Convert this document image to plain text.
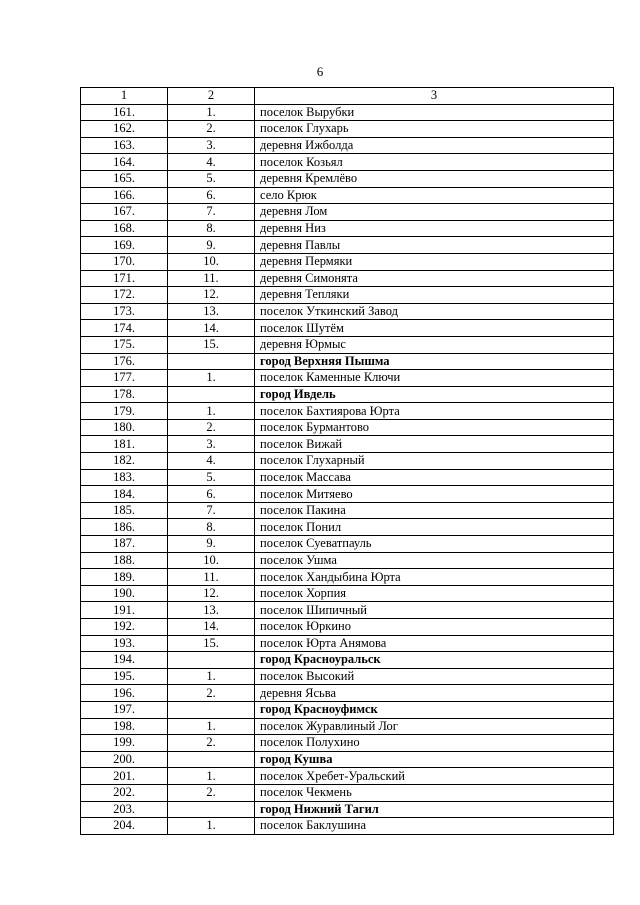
6
1	2	3
161.	1.	поселок Вырубки
162.	2.	поселок Глухарь
163.	3.	деревня Ижболда
164.	4.	поселок Козьял
165.	5.	деревня Кремлёво
166.	6.	село Крюк
167.	7.	деревня Лом
168.	8.	деревня Низ
169.	9.	деревня Павлы
170.	10.	деревня Пермяки
171.	11.	деревня Симонята
172.	12.	деревня Тепляки
173.	13.	поселок Уткинский Завод
174.	14.	поселок Шутём
175.	15.	деревня Юрмыс
176.		город Верхняя Пышма
177.	1.	поселок Каменные Ключи
178.		город Ивдель
179.	1.	поселок Бахтиярова Юрта
180.	2.	поселок Бурмантово
181.	3.	поселок Вижай
182.	4.	поселок Глухарный
183.	5.	поселок Массава
184.	6.	поселок Митяево
185.	7.	поселок Пакина
186.	8.	поселок Понил
187.	9.	поселок Суеватпауль
188.	10.	поселок Ушма
189.	11.	поселок Хандыбина Юрта
190.	12.	поселок Хорпия
191.	13.	поселок Шипичный
192.	14.	поселок Юркино
193.	15.	поселок Юрта Анямова
194.		город Красноуральск
195.	1.	поселок Высокий
196.	2.	деревня Ясьва
197.		город Красноуфимск
198.	1.	поселок Журавлиный Лог
199.	2.	поселок Полухино
200.		город Кушва
201.	1.	поселок Хребет-Уральский
202.	2.	поселок Чекмень
203.		город Нижний Тагил
204.	1.	поселок Баклушина
